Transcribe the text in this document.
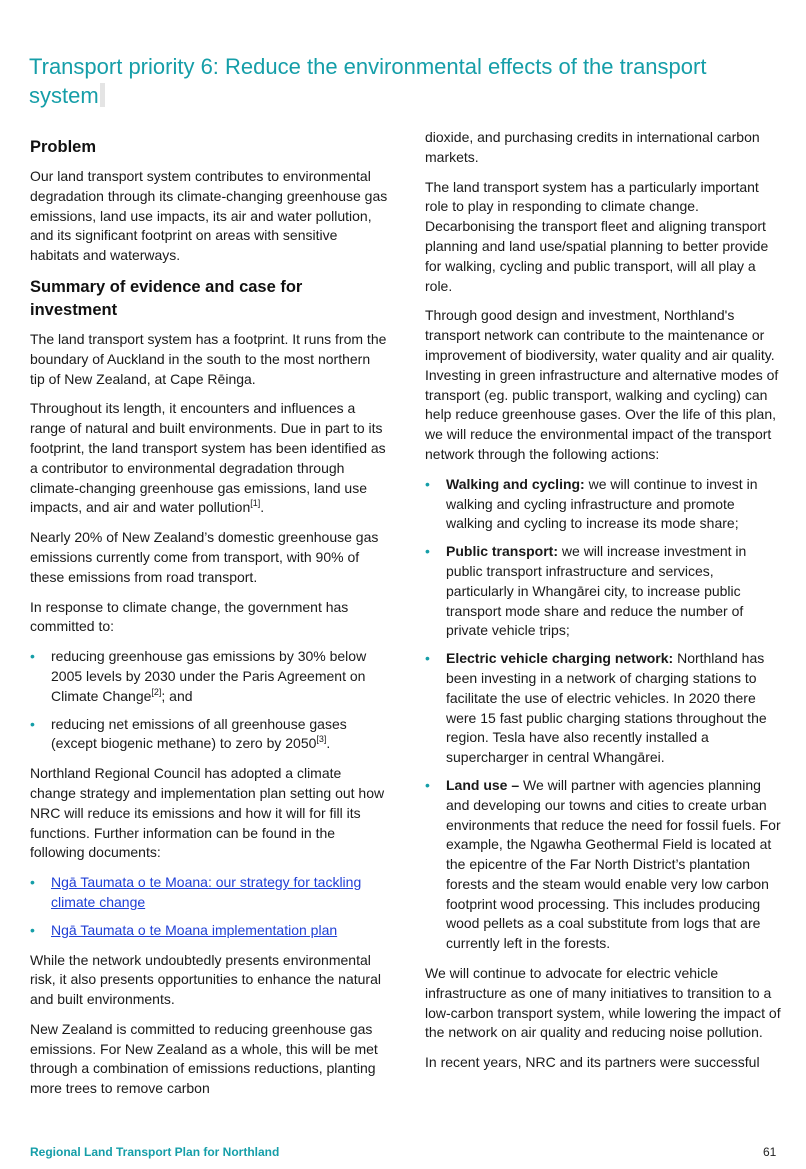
Transport priority 6: Reduce the environmental effects of the transport system
Problem

Our land transport system contributes to environmental degradation through its climate-changing greenhouse gas emissions, land use impacts, its air and water pollution, and its significant footprint on areas with sensitive habitats and waterways.

Summary of evidence and case for investment

The land transport system has a footprint. It runs from the boundary of Auckland in the south to the most northern tip of New Zealand, at Cape Rēinga.

Throughout its length, it encounters and influences a range of natural and built environments. Due in part to its footprint, the land transport system has been identified as a contributor to environmental degradation through climate-changing greenhouse gas emissions, land use impacts, and air and water pollution[1].

Nearly 20% of New Zealand’s domestic greenhouse gas emissions currently come from transport, with 90% of these emissions from road transport.

In response to climate change, the government has committed to:

• reducing greenhouse gas emissions by 30% below 2005 levels by 2030 under the Paris Agreement on Climate Change[2]; and
• reducing net emissions of all greenhouse gases (except biogenic methane) to zero by 2050[3].

Northland Regional Council has adopted a climate change strategy and implementation plan setting out how NRC will reduce its emissions and how it will for fill its functions. Further information can be found in the following documents:

• Ngā Taumata o te Moana: our strategy for tackling climate change
• Ngā Taumata o te Moana implementation plan

While the network undoubtedly presents environmental risk, it also presents opportunities to enhance the natural and built environments.

New Zealand is committed to reducing greenhouse gas emissions. For New Zealand as a whole, this will be met through a combination of emissions reductions, planting more trees to remove carbon

dioxide, and purchasing credits in international carbon markets.

The land transport system has a particularly important role to play in responding to climate change. Decarbonising the transport fleet and aligning transport planning and land use/spatial planning to better provide for walking, cycling and public transport, will all play a role.

Through good design and investment, Northland's transport network can contribute to the maintenance or improvement of biodiversity, water quality and air quality. Investing in green infrastructure and alternative modes of transport (eg. public transport, walking and cycling) can help reduce greenhouse gases. Over the life of this plan, we will reduce the environmental impact of the transport network through the following actions:

• Walking and cycling: we will continue to invest in walking and cycling infrastructure and promote walking and cycling to increase its mode share;
• Public transport: we will increase investment in public transport infrastructure and services, particularly in Whangārei city, to increase public transport mode share and reduce the number of private vehicle trips;
• Electric vehicle charging network: Northland has been investing in a network of charging stations to facilitate the use of electric vehicles. In 2020 there were 15 fast public charging stations throughout the region. Tesla have also recently installed a supercharger in central Whangārei.
• Land use – We will partner with agencies planning and developing our towns and cities to create urban environments that reduce the need for fossil fuels. For example, the Ngawha Geothermal Field is located at the epicentre of the Far North District’s plantation forests and the steam would enable very low carbon footprint wood processing. This includes producing wood pellets as a coal substitute from logs that are currently left in the forests.

We will continue to advocate for electric vehicle infrastructure as one of many initiatives to transition to a low-carbon transport system, while lowering the impact of the network on air quality and reducing noise pollution.

In recent years, NRC and its partners were successful

Regional Land Transport Plan for Northland	61
